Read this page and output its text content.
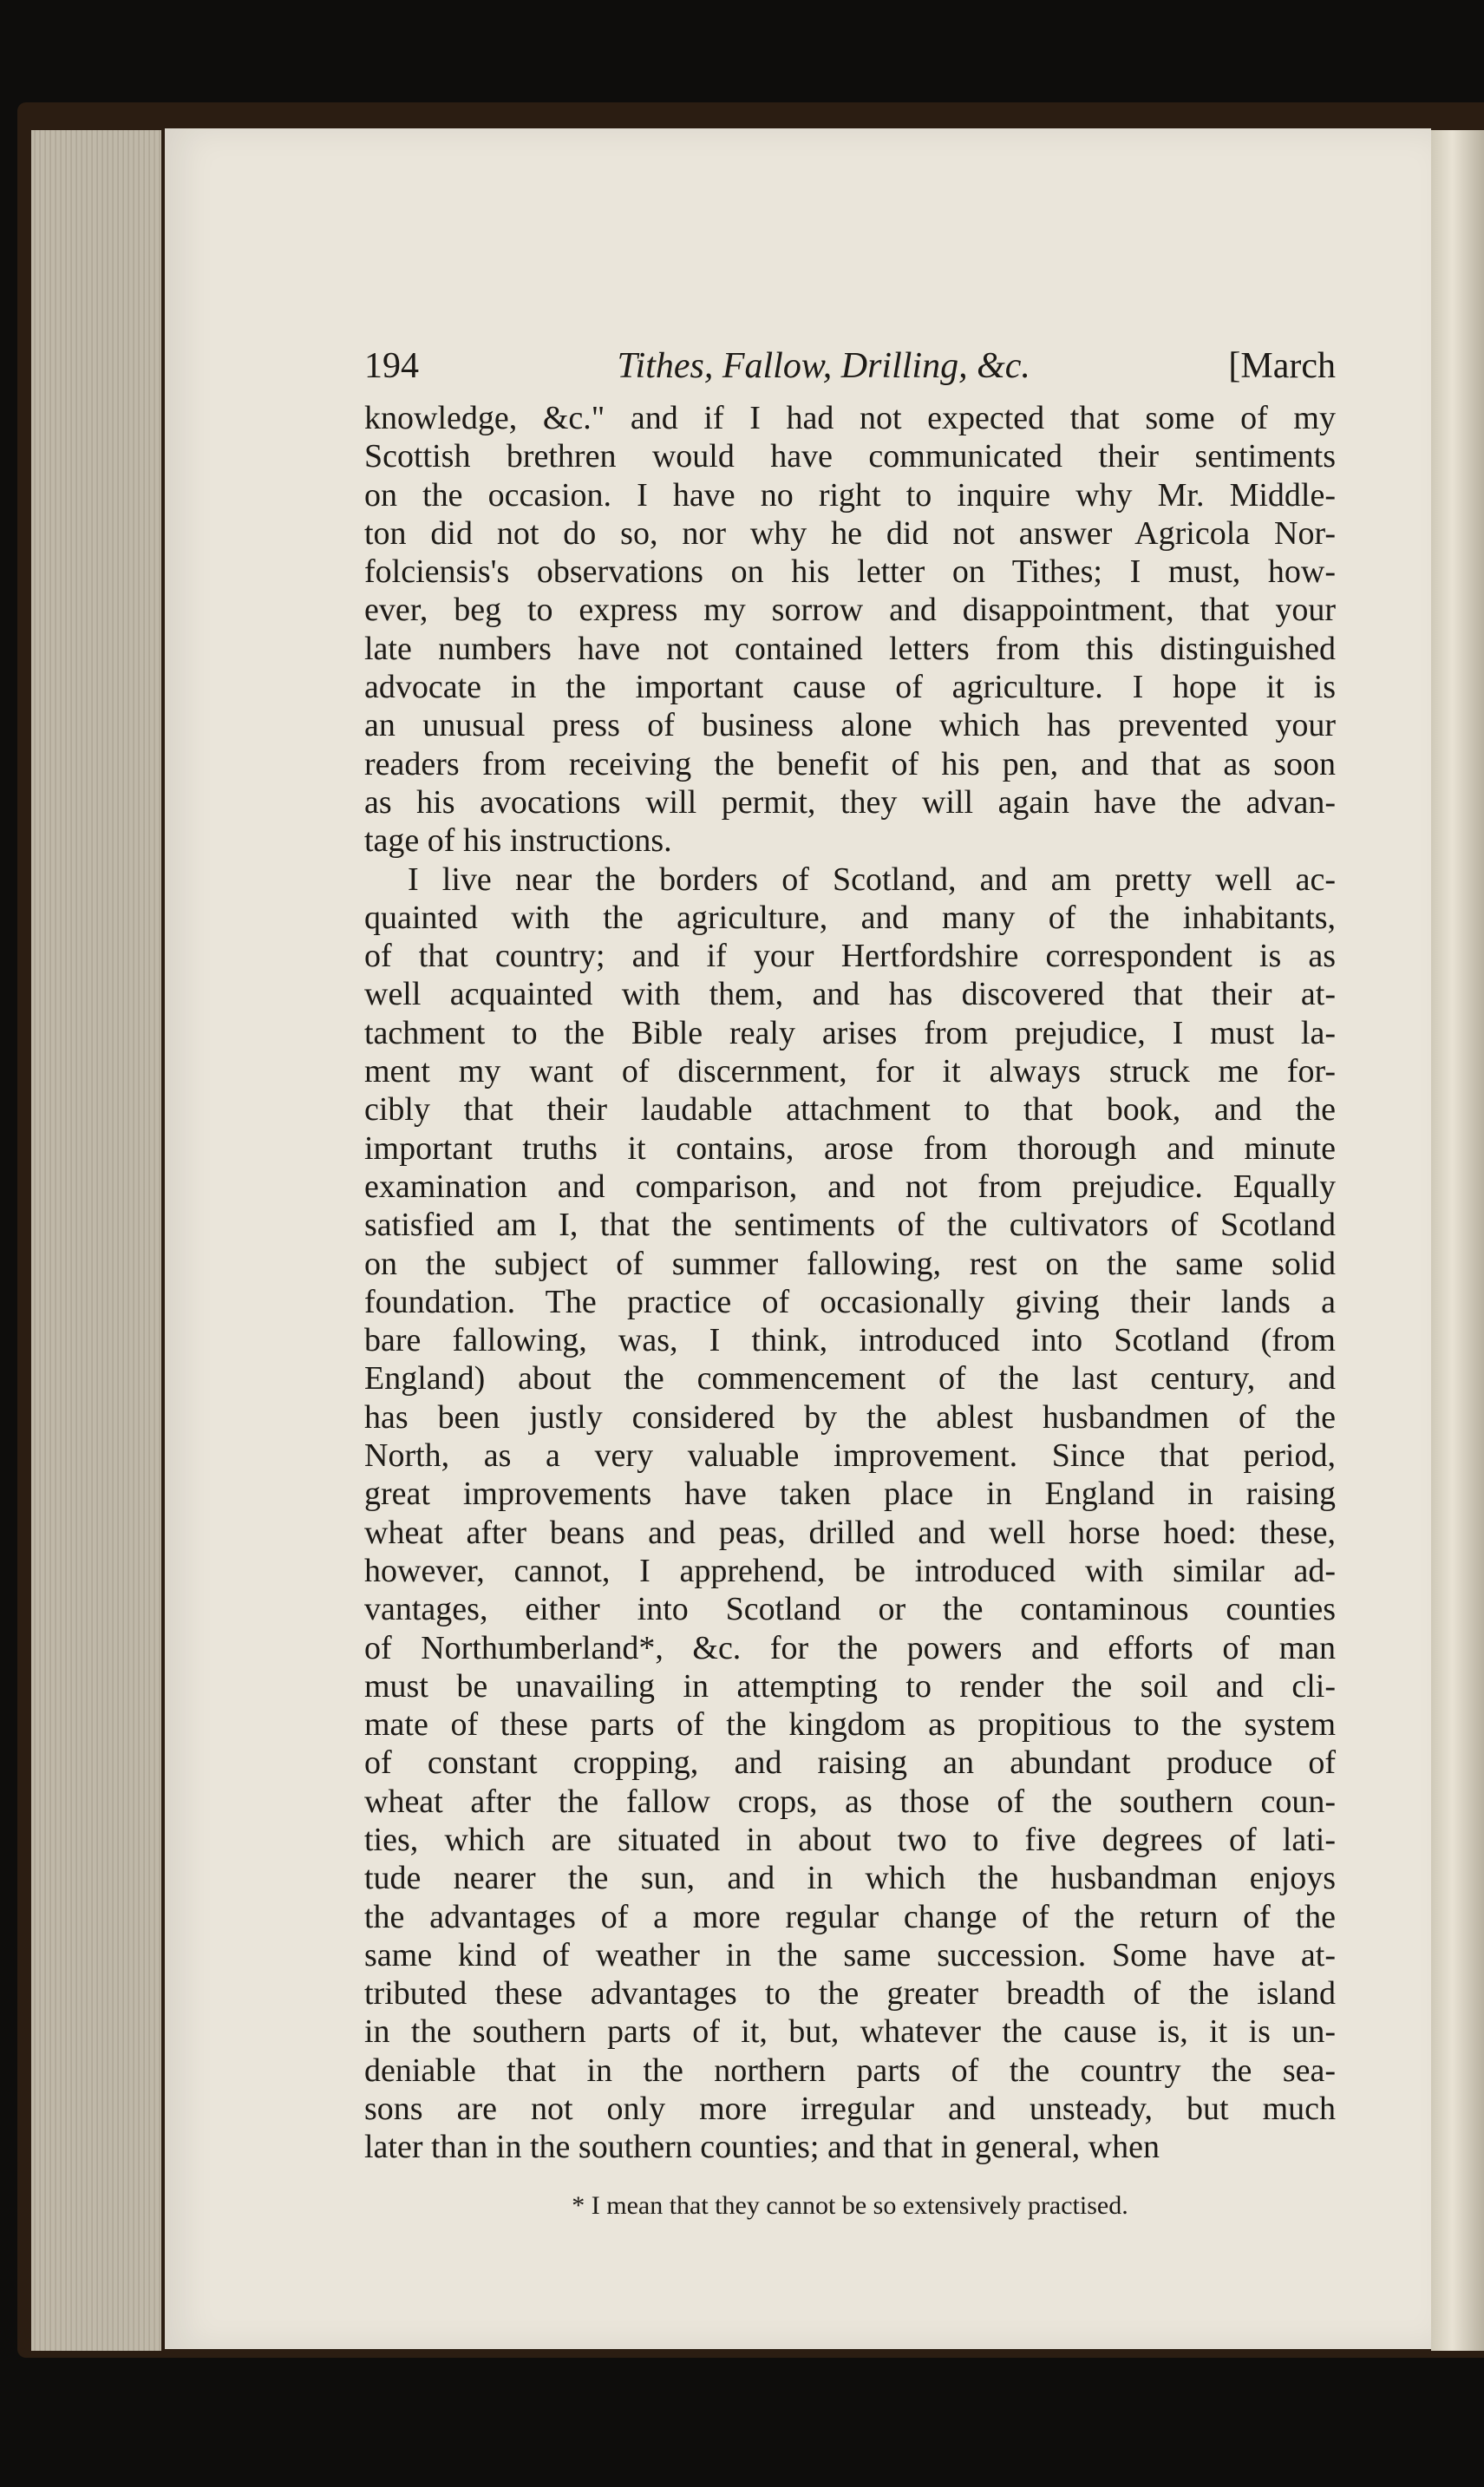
194	Tithes, Fallow, Drilling, &c.	[March
knowledge, &c." and if I had not expected that some of my
Scottish brethren would have communicated their sentiments
on the occasion. I have no right to inquire why Mr. Middle-
ton did not do so, nor why he did not answer Agricola Nor-
folciensis's observations on his letter on Tithes; I must, how-
ever, beg to express my sorrow and disappointment, that your
late numbers have not contained letters from this distinguished
advocate in the important cause of agriculture. I hope it is
an unusual press of business alone which has prevented your
readers from receiving the benefit of his pen, and that as soon
as his avocations will permit, they will again have the advan-
tage of his instructions.
I live near the borders of Scotland, and am pretty well ac-
quainted with the agriculture, and many of the inhabitants,
of that country; and if your Hertfordshire correspondent is as
well acquainted with them, and has discovered that their at-
tachment to the Bible realy arises from prejudice, I must la-
ment my want of discernment, for it always struck me for-
cibly that their laudable attachment to that book, and the
important truths it contains, arose from thorough and minute
examination and comparison, and not from prejudice. Equally
satisfied am I, that the sentiments of the cultivators of Scotland
on the subject of summer fallowing, rest on the same solid
foundation. The practice of occasionally giving their lands a
bare fallowing, was, I think, introduced into Scotland (from
England) about the commencement of the last century, and
has been justly considered by the ablest husbandmen of the
North, as a very valuable improvement. Since that period,
great improvements have taken place in England in raising
wheat after beans and peas, drilled and well horse hoed: these,
however, cannot, I apprehend, be introduced with similar ad-
vantages, either into Scotland or the contaminous counties
of Northumberland*, &c. for the powers and efforts of man
must be unavailing in attempting to render the soil and cli-
mate of these parts of the kingdom as propitious to the system
of constant cropping, and raising an abundant produce of
wheat after the fallow crops, as those of the southern coun-
ties, which are situated in about two to five degrees of lati-
tude nearer the sun, and in which the husbandman enjoys
the advantages of a more regular change of the return of the
same kind of weather in the same succession. Some have at-
tributed these advantages to the greater breadth of the island
in the southern parts of it, but, whatever the cause is, it is un-
deniable that in the northern parts of the country the sea-
sons are not only more irregular and unsteady, but much
later than in the southern counties; and that in general, when
* I mean that they cannot be so extensively practised.
